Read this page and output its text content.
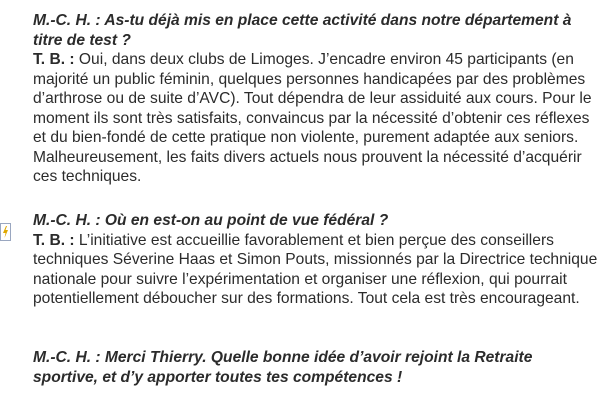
M.-C. H. : As-tu déjà mis en place cette activité dans notre département à titre de test ?

T. B. : Oui, dans deux clubs de Limoges. J’encadre environ 45 participants (en majorité un public féminin, quelques personnes handicapées par des problèmes d’arthrose ou de suite d’AVC). Tout dépendra de leur assiduité aux cours. Pour le moment ils sont très satisfaits, convaincus par la nécessité d’obtenir ces réflexes et du bien-fondé de cette pratique non violente, purement adaptée aux seniors. Malheureusement, les faits divers actuels nous prouvent la nécessité d’acquérir ces techniques.

M.-C. H. : Où en est-on au point de vue fédéral ?

T. B. : L’initiative est accueillie favorablement et bien perçue des conseillers techniques Séverine Haas et Simon Pouts, missionnés par la Directrice technique nationale pour suivre l’expérimentation et organiser une réflexion, qui pourrait potentiellement déboucher sur des formations. Tout cela est très encourageant.

M.-C. H. : Merci Thierry. Quelle bonne idée d’avoir rejoint la Retraite sportive, et d’y apporter toutes tes compétences !
